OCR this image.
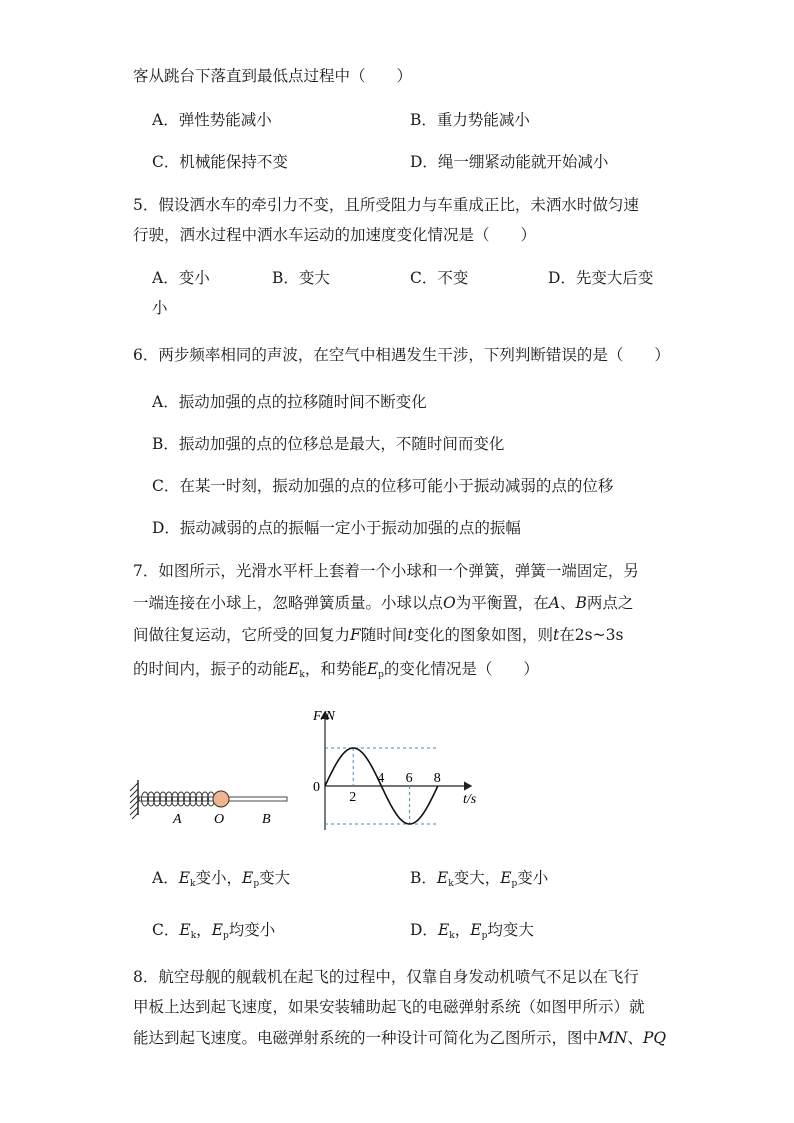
客从跳台下落直到最低点过程中（　　）
A．弹性势能减小	B．重力势能减小
C．机械能保持不变	D．绳一绷紧动能就开始减小
5．假设洒水车的牵引力不变，且所受阻力与车重成正比，未洒水时做匀速
行驶，洒水过程中洒水车运动的加速度变化情况是（　　）
A．变小	B．变大	C．不变	D．先变大后变
小
6．两步频率相同的声波，在空气中相遇发生干涉，下列判断错误的是（　　）
A．振动加强的点的拉移随时间不断变化
B．振动加强的点的位移总是最大，不随时间而变化
C．在某一时刻，振动加强的点的位移可能小于振动减弱的点的位移
D．振动减弱的点的振幅一定小于振动加强的点的振幅
7．如图所示，光滑水平杆上套着一个小球和一个弹簧，弹簧一端固定，另
一端连接在小球上，忽略弹簧质量。小球以点O为平衡置，在A、B两点之
间做往复运动，它所受的回复力F随时间t变化的图象如图，则t在2s~3s
的时间内，振子的动能$E_k$，和势能$E_p$的变化情况是（　　）
A O	B
F/N
t/s
0
2
4 6 8
A．$E_k$变小，$E_p$变大	B．$E_k$变大，$E_p$变小
C．$E_k$，$E_p$均变小	D．$E_k$，$E_p$均变大
8．航空母舰的舰载机在起飞的过程中，仅靠自身发动机喷气不足以在飞行
甲板上达到起飞速度，如果安装辅助起飞的电磁弹射系统（如图甲所示）就
能达到起飞速度。电磁弹射系统的一种设计可简化为乙图所示，图中MN、PQ
